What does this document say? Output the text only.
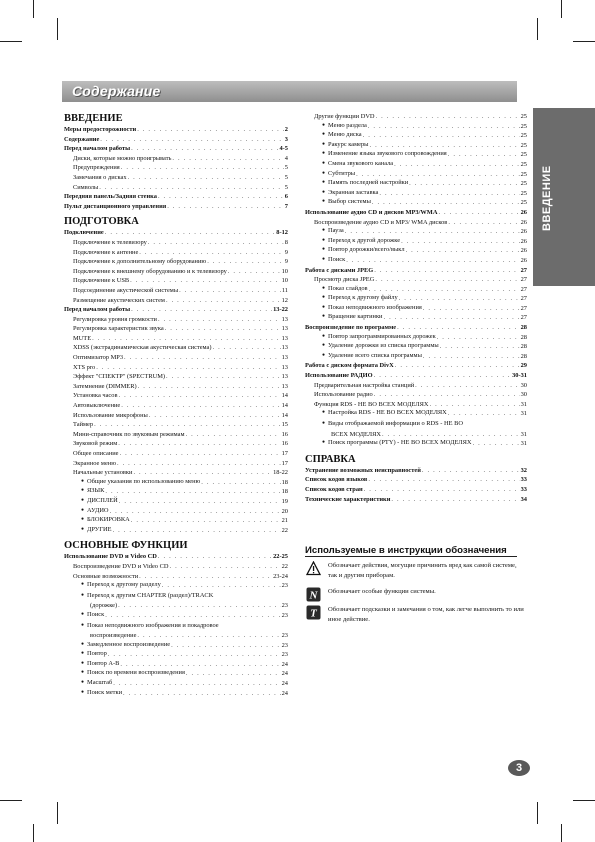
Содержание
ВВЕДЕНИЕ
ВВЕДЕНИЕ
Меры предосторожности . . .	2
Содержание . . .	3
Перед началом работы . . .	4-5
Диски, которые можно проигрывать . . .	4
Предупреждения . . .	5
Замечания о дисках . . .	5
Символы . . .	5
Передняя панель/Задняя стенка . . .	6
Пульт дистанционного управления . . .	7
ПОДГОТОВКА
Подключение . . .	8-12
Подключение к телевизору . . .	8
Подключение к антенне . . .	9
Подключение к дополнительному оборудованию . . .	9
Подключение к внешнему оборудованию и к телевизору . . .	10
Подключение к USB . . .	10
Подсоединение акустической системы . . .	11
Размещение акустических систем . . .	12
Перед началом работы . . .	13-22
Регулировка уровня громкости . . .	13
Регулировка характеристик звука . . .	13
MUTE . . .	13
XDSS (экстрадинамическая акустическая система) . . .	13
Оптимизатор MP3 . . .	13
XTS pro . . .	13
Эффект "СПЕКТР" (SPECTRUM) . . .	13
Затемнение (DIMMER) . . .	13
Установка часов . . .	14
Автовыключение . . .	14
Использование микрофоны . . .	14
Таймер . . .	15
Мини-справочник по звуковым режимам . . .	16
Звуковой режим . . .	16
Общее описание . . .	17
Экранное меню . . .	17
Начальные установки . . .	18-22
● Общие указания по использованию меню . . .	18
● ЯЗЫК . . .	18
● ДИСПЛЕЙ . . .	19
● АУДИО . . .	20
● БЛОКИРОВКА . . .	21
● ДРУГИЕ . . .	22
ОСНОВНЫЕ ФУНКЦИИ
Использование DVD и Video CD . . .	22-25
Воспроизведение DVD и Video CD . . .	22
Основные возможности . . .	23-24
● Переход к другому разделу . . .	23
● Переход к другим CHAPTER (раздел)/TRACK
(дорожке) . . .	23
● Поиск . . .	23
● Показ неподвижного изображения и покадровое
воспроизведение . . .	23
● Замедленное воспроизведение . . .	23
● Повтор . . .	23
● Повтор A-B . . .	24
● Поиск по времени воспроизведения . . .	24
● Масштаб . . .	24
● Поиск метки . . .	24
Другие функции DVD . . .	25
● Меню раздела . . .	25
● Меню диска . . .	25
● Ракурс камеры . . .	25
● Изменение языка звукового сопровождения . . .	25
● Смена звукового канала . . .	25
● Субтитры . . .	25
● Память последней настройки . . .	25
● Экранная заставка . . .	25
● Выбор системы . . .	25
Использование аудио CD и дисков MP3/WMA . . .	26
Воспроизведение аудио CD и MP3/ WMA дисков . . .	26
● Пауза . . .	26
● Переход к другой дорожке . . .	26
● Повтор дорожки/всего/выкл . . .	26
● Поиск . . .	26
Работа с дисками JPEG . . .	27
Просмотр диска JPEG . . .	27
● Показ слайдов . . .	27
● Переход к другому файлу . . .	27
● Показ неподвижного изображения . . .	27
● Вращение картинки . . .	27
Воспроизведение по программе . . .	28
● Повтор запрограммированных дорожек . . .	28
● Удаление дорожки из списка программы . . .	28
● Удаление всего списка программы . . .	28
Работа с диском формата DivX . . .	29
Использование РАДИО . . .	30-31
Предварительная настройка станций . . .	30
Использование радио . . .	30
Функция RDS - НЕ ВО ВСЕХ МОДЕЛЯХ . . .	31
● Настройка RDS - НЕ ВО ВСЕХ МОДЕЛЯХ . . .	31
● Виды отображаемой информации о RDS - НЕ ВО
ВСЕХ МОДЕЛЯХ . . .	31
● Поиск программы (PTY) - НЕ ВО ВСЕХ МОДЕЛЯХ . . .	31
СПРАВКА
Устранение возможных неисправностей . . .	32
Список кодов языков . . .	33
Список кодов стран . . .	33
Технические характеристики . . .	34
Используемые в инструкции обозначения
Обозначает действия, могущие причинить вред как самой системе, так и другим приборам.
N Обозначает особые функции системы.
T Обозначает подсказки и замечания о том, как легче выполнить то или иное действие.
3
